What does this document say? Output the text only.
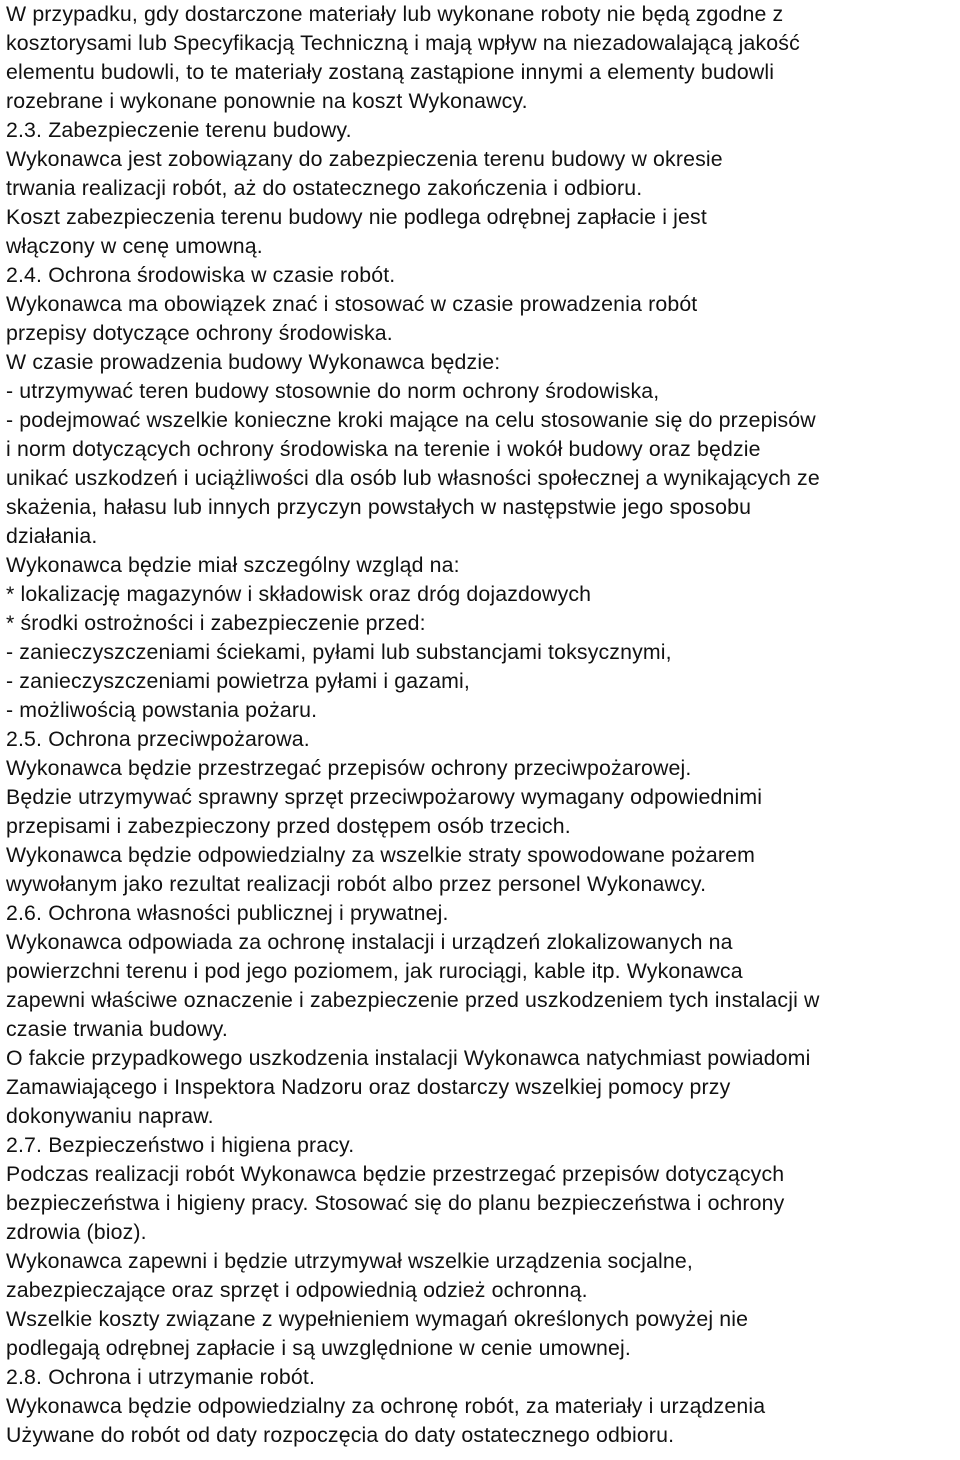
W przypadku, gdy dostarczone materiały lub wykonane roboty nie będą zgodne z
kosztorysami lub Specyfikacją Techniczną i mają wpływ na niezadowalającą jakość
elementu budowli, to te materiały zostaną zastąpione innymi a elementy budowli
rozebrane i wykonane ponownie na koszt Wykonawcy.
2.3. Zabezpieczenie terenu budowy.
Wykonawca jest zobowiązany do zabezpieczenia terenu budowy w okresie
trwania realizacji robót, aż do ostatecznego zakończenia i odbioru.
Koszt zabezpieczenia terenu budowy nie podlega odrębnej zapłacie i jest
włączony w cenę umowną.
2.4. Ochrona środowiska w czasie robót.
Wykonawca ma obowiązek znać i stosować w czasie prowadzenia robót
przepisy dotyczące ochrony środowiska.
W czasie prowadzenia budowy Wykonawca będzie:
- utrzymywać teren budowy stosownie do norm ochrony środowiska,
- podejmować wszelkie konieczne kroki mające na celu stosowanie się do przepisów
i norm dotyczących ochrony środowiska na terenie i wokół budowy oraz będzie
unikać uszkodzeń i uciążliwości dla osób lub własności społecznej a wynikających ze
skażenia, hałasu lub innych przyczyn powstałych w następstwie jego sposobu
działania.
Wykonawca będzie miał szczególny wzgląd na:
* lokalizację magazynów i składowisk oraz dróg dojazdowych
* środki ostrożności i zabezpieczenie przed:
- zanieczyszczeniami ściekami, pyłami lub substancjami toksycznymi,
- zanieczyszczeniami powietrza pyłami i gazami,
- możliwością powstania pożaru.
2.5. Ochrona przeciwpożarowa.
Wykonawca będzie przestrzegać przepisów ochrony przeciwpożarowej.
Będzie utrzymywać sprawny sprzęt przeciwpożarowy wymagany odpowiednimi
przepisami i zabezpieczony przed dostępem osób trzecich.
Wykonawca będzie odpowiedzialny za wszelkie straty spowodowane pożarem
wywołanym jako rezultat realizacji robót albo przez personel Wykonawcy.
2.6. Ochrona własności publicznej i prywatnej.
Wykonawca odpowiada za ochronę instalacji i urządzeń zlokalizowanych na
powierzchni terenu i pod jego poziomem, jak rurociągi, kable itp. Wykonawca
zapewni właściwe oznaczenie i zabezpieczenie przed uszkodzeniem tych instalacji w
czasie trwania budowy.
O fakcie przypadkowego uszkodzenia instalacji Wykonawca natychmiast powiadomi
Zamawiającego i Inspektora Nadzoru oraz dostarczy wszelkiej pomocy przy
dokonywaniu napraw.
2.7. Bezpieczeństwo i higiena pracy.
Podczas realizacji robót Wykonawca będzie przestrzegać przepisów dotyczących
bezpieczeństwa i higieny pracy. Stosować się do planu bezpieczeństwa i ochrony
zdrowia (bioz).
Wykonawca zapewni i będzie utrzymywał wszelkie urządzenia socjalne,
zabezpieczające oraz sprzęt i odpowiednią odzież ochronną.
Wszelkie koszty związane z wypełnieniem wymagań określonych powyżej nie
podlegają odrębnej zapłacie i są uwzględnione w cenie umownej.
2.8. Ochrona i utrzymanie robót.
Wykonawca będzie odpowiedzialny za ochronę robót, za materiały i urządzenia
Używane do robót od daty rozpoczęcia do daty ostatecznego odbioru.
